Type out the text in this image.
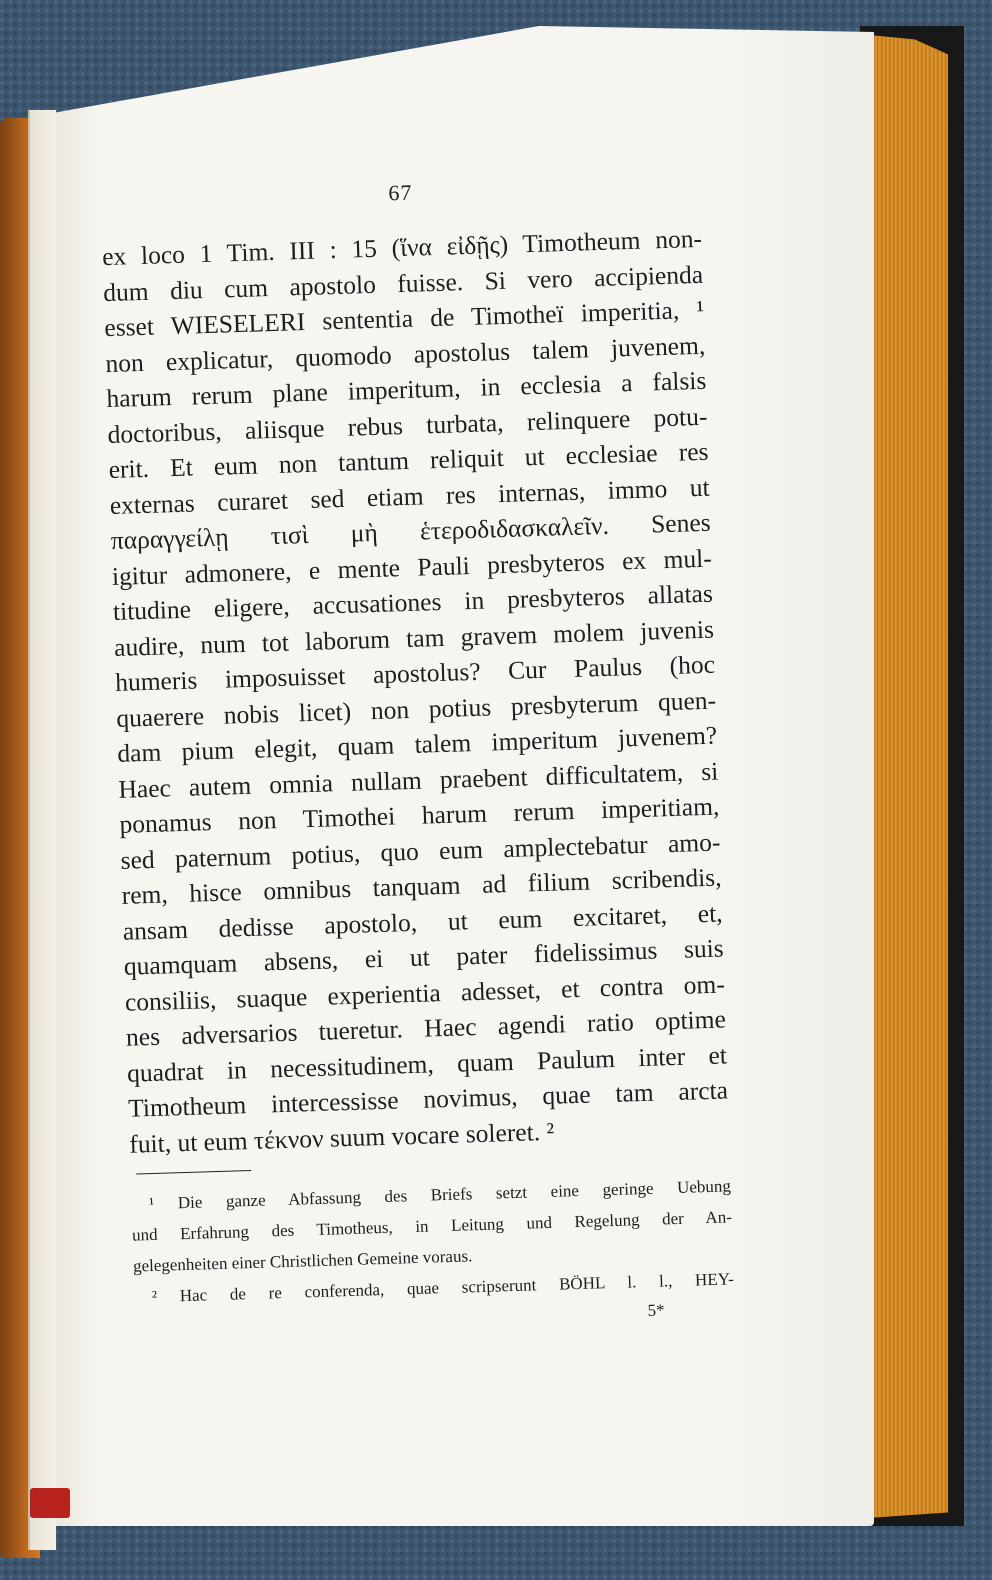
67
ex loco 1 Tim. III : 15 (ἵνα εἰδῇς) Timotheum non-
dum diu cum apostolo fuisse. Si vero accipienda
esset WIESELERI sententia de Timotheï imperitia, ¹
non explicatur, quomodo apostolus talem juvenem,
harum rerum plane imperitum, in ecclesia a falsis
doctoribus, aliisque rebus turbata, relinquere potu-
erit. Et eum non tantum reliquit ut ecclesiae res
externas curaret sed etiam res internas, immo ut
παραγγείλῃ τισὶ μὴ ἑτεροδιδασκαλεῖν. Senes
igitur admonere, e mente Pauli presbyteros ex mul-
titudine eligere, accusationes in presbyteros allatas
audire, num tot laborum tam gravem molem juvenis
humeris imposuisset apostolus? Cur Paulus (hoc
quaerere nobis licet) non potius presbyterum quen-
dam pium elegit, quam talem imperitum juvenem?
Haec autem omnia nullam praebent difficultatem, si
ponamus non Timothei harum rerum imperitiam,
sed paternum potius, quo eum amplectebatur amo-
rem, hisce omnibus tanquam ad filium scribendis,
ansam dedisse apostolo, ut eum excitaret, et,
quamquam absens, ei ut pater fidelissimus suis
consiliis, suaque experientia adesset, et contra om-
nes adversarios tueretur. Haec agendi ratio optime
quadrat in necessitudinem, quam Paulum inter et
Timotheum intercessisse novimus, quae tam arcta
fuit, ut eum τέκνον suum vocare soleret. ²
¹ Die ganze Abfassung des Briefs setzt eine geringe Uebung
und Erfahrung des Timotheus, in Leitung und Regelung der An-
gelegenheiten einer Christlichen Gemeine voraus.
² Hac de re conferenda, quae scripserunt BÖHL l. l., HEY-
5*
